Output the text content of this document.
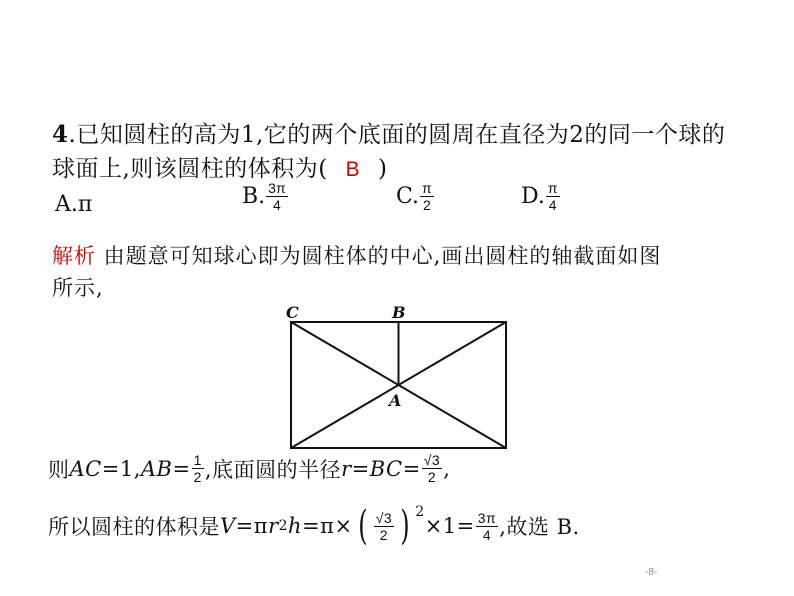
4.已知圆柱的高为1,它的两个底面的圆周在直径为2的同一个球的
球面上,则该圆柱的体积为( B )
A.π	B. $\frac{3\pi}{4}$	C. $\frac{\pi}{2}$	D. $\frac{\pi}{4}$
解析 由题意可知球心即为圆柱体的中心,画出圆柱的轴截面如图
所示,
C	B
A
则 AC =1, AB = $\frac{1}{2}$ ,底面圆的半径 r = BC = $\frac{√3}{2}$ ,
所以圆柱的体积是 V =π r 2 h =π× ( $\frac{√3}{2}$ ) 2
$\times 1= \frac{3\pi}{4}$ ,故选 B.
-8-
